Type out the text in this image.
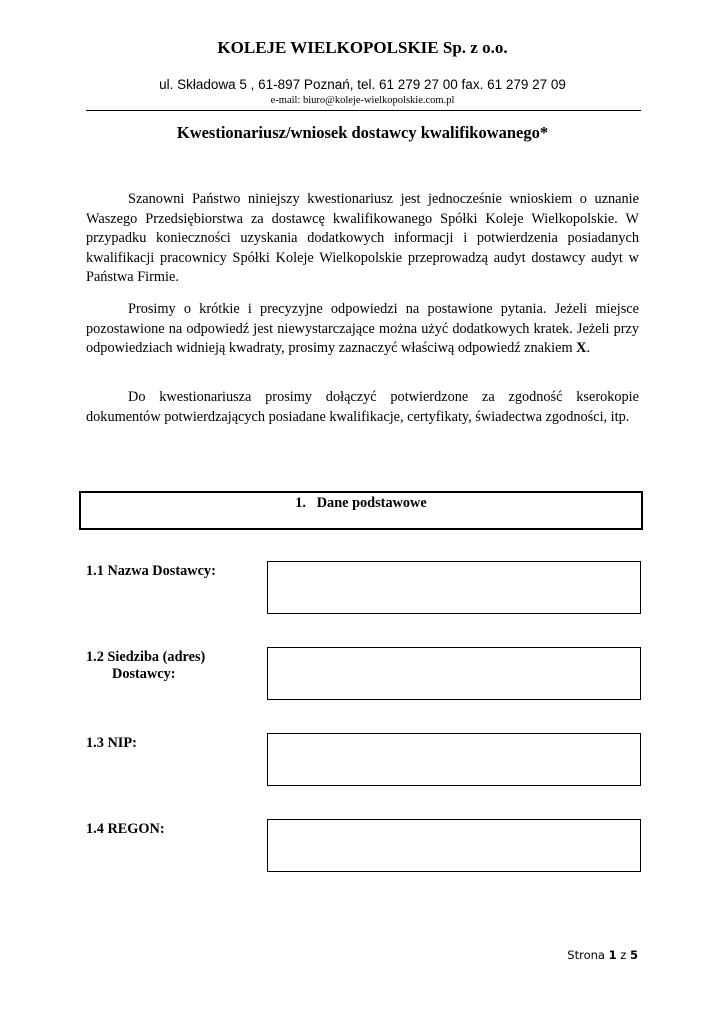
KOLEJE WIELKOPOLSKIE Sp. z o.o.
ul. Składowa 5 , 61-897 Poznań, tel. 61 279 27 00 fax. 61 279 27 09
e-mail: biuro@koleje-wielkopolskie.com.pl
Kwestionariusz/wniosek dostawcy kwalifikowanego*

Szanowni Państwo niniejszy kwestionariusz jest jednocześnie wnioskiem o uznanie Waszego Przedsiębiorstwa za dostawcę kwalifikowanego Spółki Koleje Wielkopolskie. W przypadku konieczności uzyskania dodatkowych informacji i potwierdzenia posiadanych kwalifikacji pracownicy Spółki Koleje Wielkopolskie przeprowadzą audyt dostawcy audyt w Państwa Firmie.

Prosimy o krótkie i precyzyjne odpowiedzi na postawione pytania. Jeżeli miejsce pozostawione na odpowiedź jest niewystarczające można użyć dodatkowych kratek. Jeżeli przy odpowiedziach widnieją kwadraty, prosimy zaznaczyć właściwą odpowiedź znakiem X.

Do kwestionariusza prosimy dołączyć potwierdzone za zgodność kserokopie dokumentów potwierdzających posiadane kwalifikacje, certyfikaty, świadectwa zgodności, itp.

1. Dane podstawowe
1.1 Nazwa Dostawcy:
1.2 Siedziba (adres)
Dostawcy:
1.3 NIP:
1.4 REGON:
Strona 1 z 5
